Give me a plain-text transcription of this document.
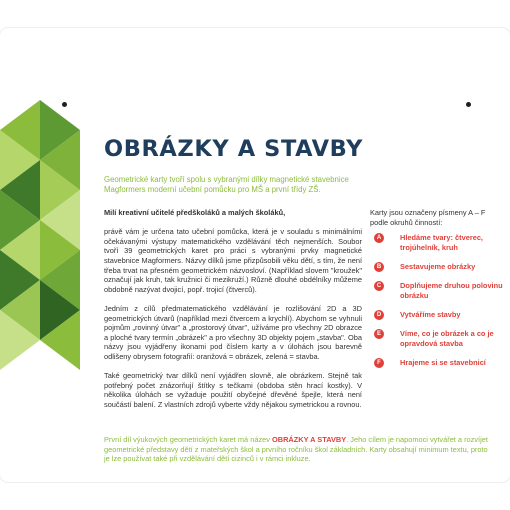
OBRÁZKY A STAVBY

Geometrické karty tvoří spolu s vybranými dílky magnetické stavebnice Magformers moderní učební pomůcku pro MŠ a první třídy ZŠ.

Milí kreativní učitelé předškoláků a malých školáků,

právě vám je určena tato učební pomůcka, která je v souladu s minimálními očekávanými výstupy matematického vzdělávání těch nejmenších. Soubor tvoří 39 geometrických karet pro práci s vybranými prvky magnetické stavebnice Magformers. Názvy dílků jsme přizpůsobili věku dětí, s tím, že není třeba trvat na přesném geometrickém názvosloví. (Například slovem "kroužek" označují jak kruh, tak kružnici či mezikruží.) Různě dlouhé obdélníky můžeme obdobně nazývat dvojicí, popř. trojicí (čtverců).

Jedním z cílů předmatematického vzdělávání je rozlišování 2D a 3D geometrických útvarů (například mezi čtvercem a krychlí). Abychom se vyhnuli pojmům „rovinný útvar" a „prostorový útvar", užíváme pro všechny 2D obrazce a ploché tvary termín „obrázek" a pro všechny 3D objekty pojem „stavba". Oba názvy jsou vyjádřeny ikonami pod číslem karty a v úlohách jsou barevně odlišeny obrysem fotografií: oranžová = obrázek, zelená = stavba.

Také geometrický tvar dílků není vyjádřen slovně, ale obrázkem. Stejně tak potřebný počet znázorňují štítky s tečkami (obdoba stěn hrací kostky). V několika úlohách se vyžaduje použití obyčejné dřevěné špejle, která není součástí balení. Z vlastních zdrojů vyberte vždy nějakou symetrickou a rovnou.

Karty jsou označeny písmeny A – F podle okruhů činností:

A	Hledáme tvary: čtverec, trojúhelník, kruh
B	Sestavujeme obrázky
C	Doplňujeme druhou polovinu obrázku
D	Vytváříme stavby
E	Víme, co je obrázek a co je opravdová stavba
F	Hrajeme si se stavebnicí

První díl výukových geometrických karet má název OBRÁZKY A STAVBY. Jeho cílem je napomoci vytvářet a rozvíjet geometrické představy dětí z mateřských škol a prvního ročníku škol základních. Karty obsahují minimum textu, proto je lze používat také při vzdělávání dětí cizinců i v rámci inkluze.
